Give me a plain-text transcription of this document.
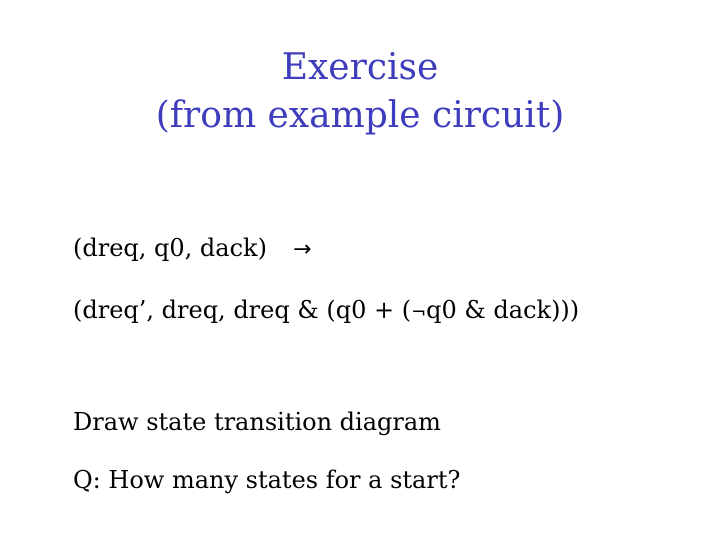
Exercise
(from example circuit)
(dreq, q0, dack) →
(dreq’, dreq, dreq & (q0 + (¬q0 & dack)))
Draw state transition diagram
Q: How many states for a start?
